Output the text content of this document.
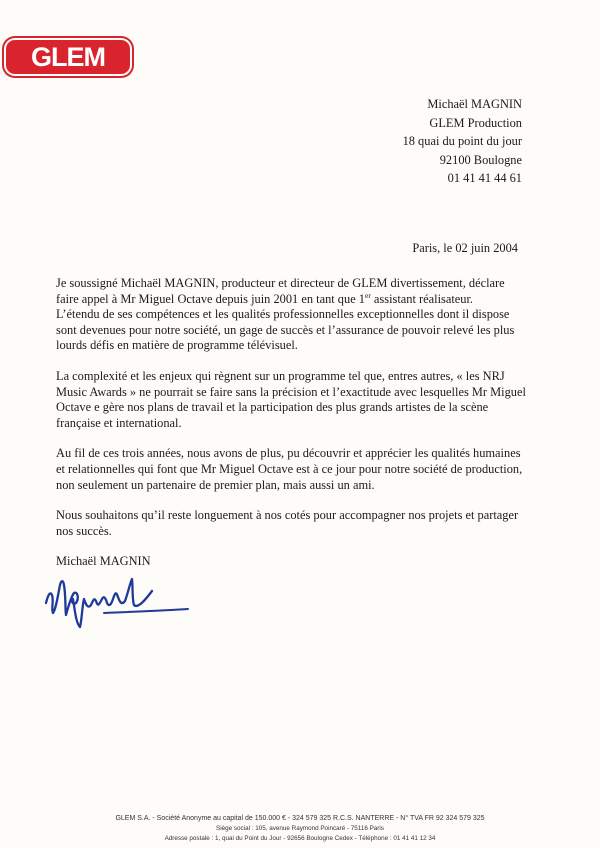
GLEM
Michaël MAGNIN
GLEM Production
18 quai du point du jour
92100 Boulogne
01 41 41 44 61
Paris, le 02 juin 2004

Je soussigné Michaël MAGNIN, producteur et directeur de GLEM divertissement, déclare faire appel à Mr Miguel Octave depuis juin 2001 en tant que 1er assistant réalisateur.
L’étendu de ses compétences et les qualités professionnelles exceptionnelles dont il dispose sont devenues pour notre société, un gage de succès et l’assurance de pouvoir relevé les plus lourds défis en matière de programme télévisuel.

La complexité et les enjeux qui règnent sur un programme tel que, entres autres, « les NRJ Music Awards » ne pourrait se faire sans la précision et l’exactitude avec lesquelles Mr Miguel Octave e gère nos plans de travail et la participation des plus grands artistes de la scène française et international.

Au fil de ces trois années, nous avons de plus, pu découvrir et apprécier les qualités humaines et relationnelles qui font que Mr Miguel Octave est à ce jour pour notre société de production, non seulement un partenaire de premier plan, mais aussi un ami.

Nous souhaitons qu’il reste longuement à nos cotés pour accompagner nos projets et partager nos succès.

Michaël MAGNIN
GLEM S.A. - Société Anonyme au capital de 150.000 € - 324 579 325 R.C.S. NANTERRE - N° TVA FR 92 324 579 325
Siège social : 105, avenue Raymond Poincaré - 75116 Paris
Adresse postale : 1, quai du Point du Jour - 92656 Boulogne Cedex - Téléphone : 01 41 41 12 34
